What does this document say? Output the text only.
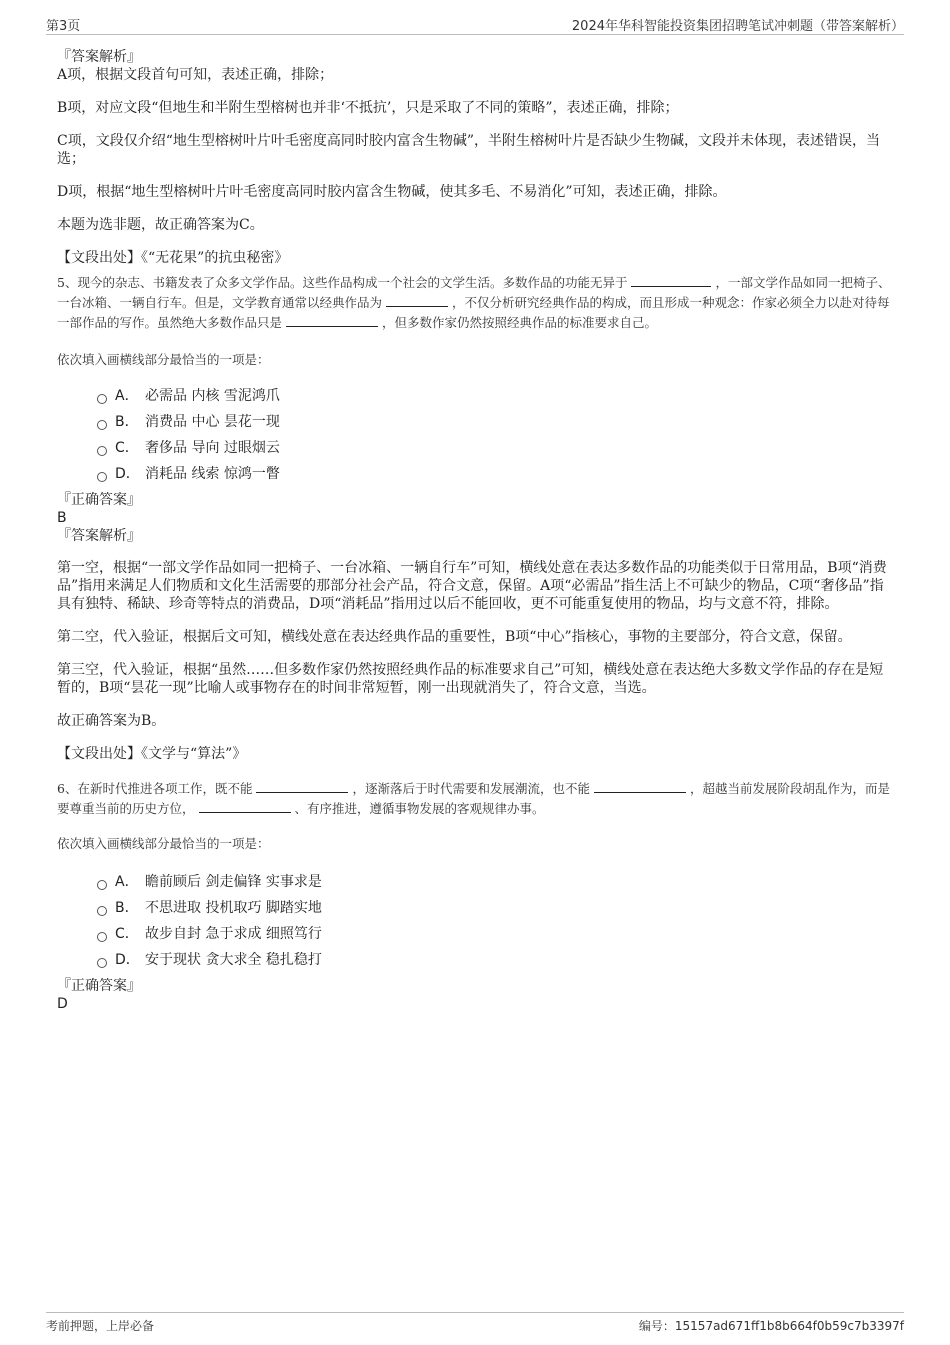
第3页	2024年华科智能投资集团招聘笔试冲刺题（带答案解析）

『答案解析』

A项，根据文段首句可知，表述正确，排除；

B项，对应文段“但地生和半附生型榕树也并非‘不抵抗’，只是采取了不同的策略”，表述正确，排除；

C项，文段仅介绍“地生型榕树叶片叶毛密度高同时胶内富含生物碱”，半附生榕树叶片是否缺少生物碱，文段并未体现，表述错误，当选；

D项，根据“地生型榕树叶片叶毛密度高同时胶内富含生物碱，使其多毛、不易消化”可知，表述正确，排除。

本题为选非题，故正确答案为C。

【文段出处】《“无花果”的抗虫秘密》

5、现今的杂志、书籍发表了众多文学作品。这些作品构成一个社会的文学生活。多数作品的功能无异于	，一部文学作品如同一把椅子、一台冰箱、一辆自行车。但是，文学教育通常以经典作品为	，不仅分析研究经典作品的构成，而且形成一种观念：作家必须全力以赴对待每一部作品的写作。虽然绝大多数作品只是	，但多数作家仍然按照经典作品的标准要求自己。

依次填入画横线部分最恰当的一项是：

A． 必需品 内核 雪泥鸿爪
B． 消费品 中心 昙花一现
C． 奢侈品 导向 过眼烟云
D． 消耗品 线索 惊鸿一瞥

『正确答案』

B

『答案解析』

第一空，根据“一部文学作品如同一把椅子、一台冰箱、一辆自行车”可知，横线处意在表达多数作品的功能类似于日常用品，B项“消费品”指用来满足人们物质和文化生活需要的那部分社会产品，符合文意，保留。A项“必需品”指生活上不可缺少的物品，C项“奢侈品”指具有独特、稀缺、珍奇等特点的消费品，D项“消耗品”指用过以后不能回收，更不可能重复使用的物品，均与文意不符，排除。

第二空，代入验证，根据后文可知，横线处意在表达经典作品的重要性，B项“中心”指核心，事物的主要部分，符合文意，保留。

第三空，代入验证，根据“虽然……但多数作家仍然按照经典作品的标准要求自己”可知，横线处意在表达绝大多数文学作品的存在是短暂的，B项“昙花一现”比喻人或事物存在的时间非常短暂，刚一出现就消失了，符合文意，当选。

故正确答案为B。

【文段出处】《文学与“算法”》

6、在新时代推进各项工作，既不能	，逐渐落后于时代需要和发展潮流，也不能	，超越当前发展阶段胡乱作为，而是要尊重当前的历史方位，	、有序推进，遵循事物发展的客观规律办事。

依次填入画横线部分最恰当的一项是：

A． 瞻前顾后 剑走偏锋 实事求是
B． 不思进取 投机取巧 脚踏实地
C． 故步自封 急于求成 细照笃行
D． 安于现状 贪大求全 稳扎稳打

『正确答案』

D

考前押题，上岸必备	编号：15157ad671ff1b8b664f0b59c7b3397f
